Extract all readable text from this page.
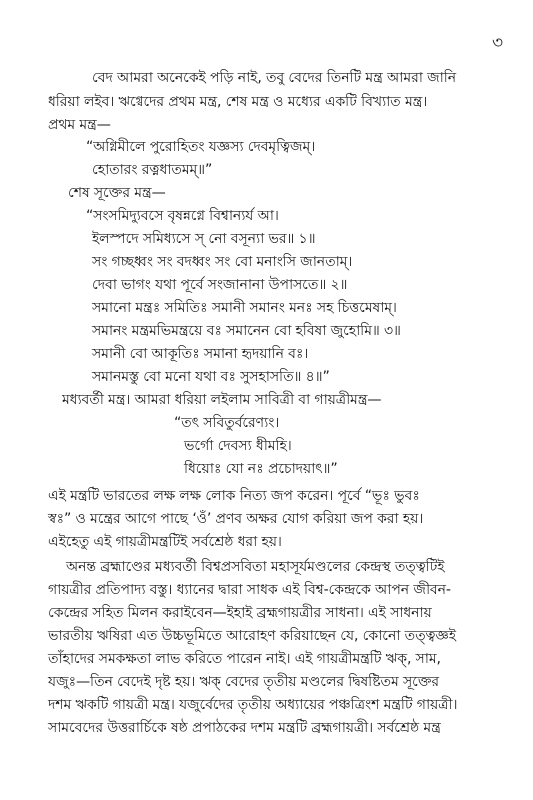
৩
বেদ আমরা অনেকেই পড়ি নাই, তবু বেদের তিনটি মন্ত্র আমরা জানি
ধরিয়া লইব। ঋগ্বেদের প্রথম মন্ত্র, শেষ মন্ত্র ও মধ্যের একটি বিখ্যাত মন্ত্র।
প্রথম মন্ত্র—
“অগ্নিমীলে পুরোহিতং যজ্ঞস্য দেবমৃত্বিজম্।
হোতারং রত্নধাতমম্॥”
শেষ সূক্তের মন্ত্র—
“সংসমিদ্যুবসে বৃষন্নগ্নে বিশ্বান্যর্য আ।
ইলস্পদে সমিধ্যসে স্ নো বসূন্যা ভর॥ ১॥
সং গচ্ছধ্বং সং বদধ্বং সং বো মনাংসি জানতাম্।
দেবা ভাগং যথা পূর্বে সংজানানা উপাসতে॥ ২॥
সমানো মন্ত্রঃ সমিতিঃ সমানী সমানং মনঃ সহ চিত্তমেষাম্।
সমানং মন্ত্রমভিমন্ত্রয়ে বঃ সমানেন বো হবিষা জুহোমি॥ ৩॥
সমানী বো আকূতিঃ সমানা হৃদয়ানি বঃ।
সমানমস্তু বো মনো যথা বঃ সুসহাসতি॥ ৪॥”
মধ্যবর্তী মন্ত্র। আমরা ধরিয়া লইলাম সাবিত্রী বা গায়ত্রীমন্ত্র—
“তৎ সবিতুর্বরেণ্যং।
ভর্গো দেবস্য ধীমহি।
ধিয়োঃ যো নঃ প্রচোদয়াৎ॥”
এই মন্ত্রটি ভারতের লক্ষ লক্ষ লোক নিত্য জপ করেন। পূর্বে “ভূঃ ভুবঃ
স্বঃ” ও মন্ত্রের আগে পাছে ‘ওঁ’ প্রণব অক্ষর যোগ করিয়া জপ করা হয়।
এইহেতু এই গায়ত্রীমন্ত্রটিই সর্বশ্রেষ্ঠ ধরা হয়।
অনন্ত ব্রহ্মাণ্ডের মধ্যবর্তী বিশ্বপ্রসবিতা মহাসূর্যমণ্ডলের কেন্দ্রস্থ তত্ত্বটিই
গায়ত্রীর প্রতিপাদ্য বস্তু। ধ্যানের দ্বারা সাধক এই বিশ্ব-কেন্দ্রকে আপন জীবন-
কেন্দ্রের সহিত মিলন করাইবেন—ইহাই ব্রহ্মগায়ত্রীর সাধনা। এই সাধনায়
ভারতীয় ঋষিরা এত উচ্চভূমিতে আরোহণ করিয়াছেন যে, কোনো তত্ত্বজ্ঞই
তাঁহাদের সমকক্ষতা লাভ করিতে পারেন নাই। এই গায়ত্রীমন্ত্রটি ঋক্, সাম,
যজুঃ—তিন বেদেই দৃষ্ট হয়। ঋক্ বেদের তৃতীয় মণ্ডলের দ্বিষষ্টিতম সূক্তের
দশম ঋকটি গায়ত্রী মন্ত্র। যজুর্বেদের তৃতীয় অধ্যায়ের পঞ্চত্রিংশ মন্ত্রটি গায়ত্রী।
সামবেদের উত্তরার্চিকে ষষ্ঠ প্রপাঠকের দশম মন্ত্রটি ব্রহ্মগায়ত্রী। সর্বশ্রেষ্ঠ মন্ত্র
